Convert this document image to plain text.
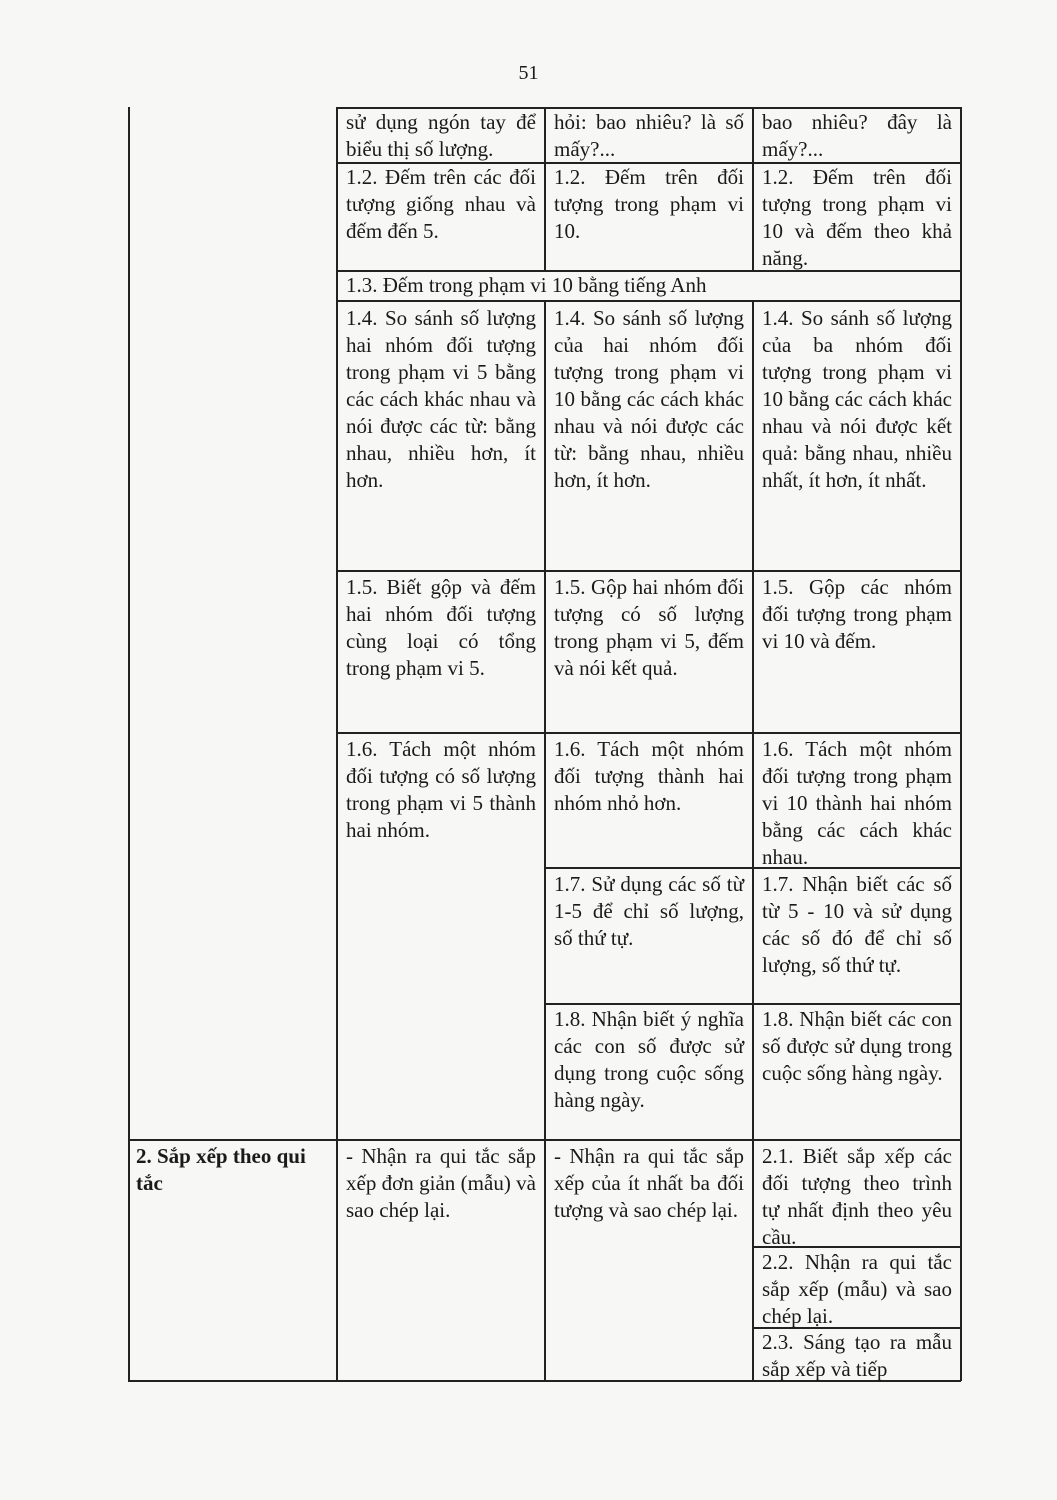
51
sử dụng ngón tay để biểu thị số lượng.
hỏi: bao nhiêu? là số mấy?...
bao nhiêu? đây là mấy?...
1.2. Đếm trên các đối tượng giống nhau và đếm đến 5.
1.2. Đếm trên đối tượng trong phạm vi 10.
1.2. Đếm trên đối tượng trong phạm vi 10 và đếm theo khả năng.
1.3. Đếm trong phạm vi 10 bằng tiếng Anh
1.4. So sánh số lượng hai nhóm đối tượng trong phạm vi 5 bằng các cách khác nhau và nói được các từ: bằng nhau, nhiều hơn, ít hơn.
1.4. So sánh số lượng của hai nhóm đối tượng trong phạm vi 10 bằng các cách khác nhau và nói được các từ: bằng nhau, nhiều hơn, ít hơn.
1.4. So sánh số lượng của ba nhóm đối tượng trong phạm vi 10 bằng các cách khác nhau và nói được kết quả: bằng nhau, nhiều nhất, ít hơn, ít nhất.
1.5. Biết gộp và đếm hai nhóm đối tượng cùng loại có tổng trong phạm vi 5.
1.5. Gộp hai nhóm đối tượng có số lượng trong phạm vi 5, đếm và nói kết quả.
1.5. Gộp các nhóm đối tượng trong phạm vi 10 và đếm.
1.6. Tách một nhóm đối tượng có số lượng trong phạm vi 5 thành hai nhóm.
1.6. Tách một nhóm đối tượng thành hai nhóm nhỏ hơn.
1.6. Tách một nhóm đối tượng trong phạm vi 10 thành hai nhóm bằng các cách khác nhau.
1.7. Sử dụng các số từ 1-5 để chỉ số lượng, số thứ tự.
1.7. Nhận biết các số từ 5 - 10 và sử dụng các số đó để chỉ số lượng, số thứ tự.
1.8. Nhận biết ý nghĩa các con số được sử dụng trong cuộc sống hàng ngày.
1.8. Nhận biết các con số được sử dụng trong cuộc sống hàng ngày.
2. Sắp xếp theo qui tắc
- Nhận ra qui tắc sắp xếp đơn giản (mẫu) và sao chép lại.
- Nhận ra qui tắc sắp xếp của ít nhất ba đối tượng và sao chép lại.
2.1. Biết sắp xếp các đối tượng theo trình tự nhất định theo yêu cầu.
2.2. Nhận ra qui tắc sắp xếp (mẫu) và sao chép lại.
2.3. Sáng tạo ra mẫu sắp xếp và tiếp
